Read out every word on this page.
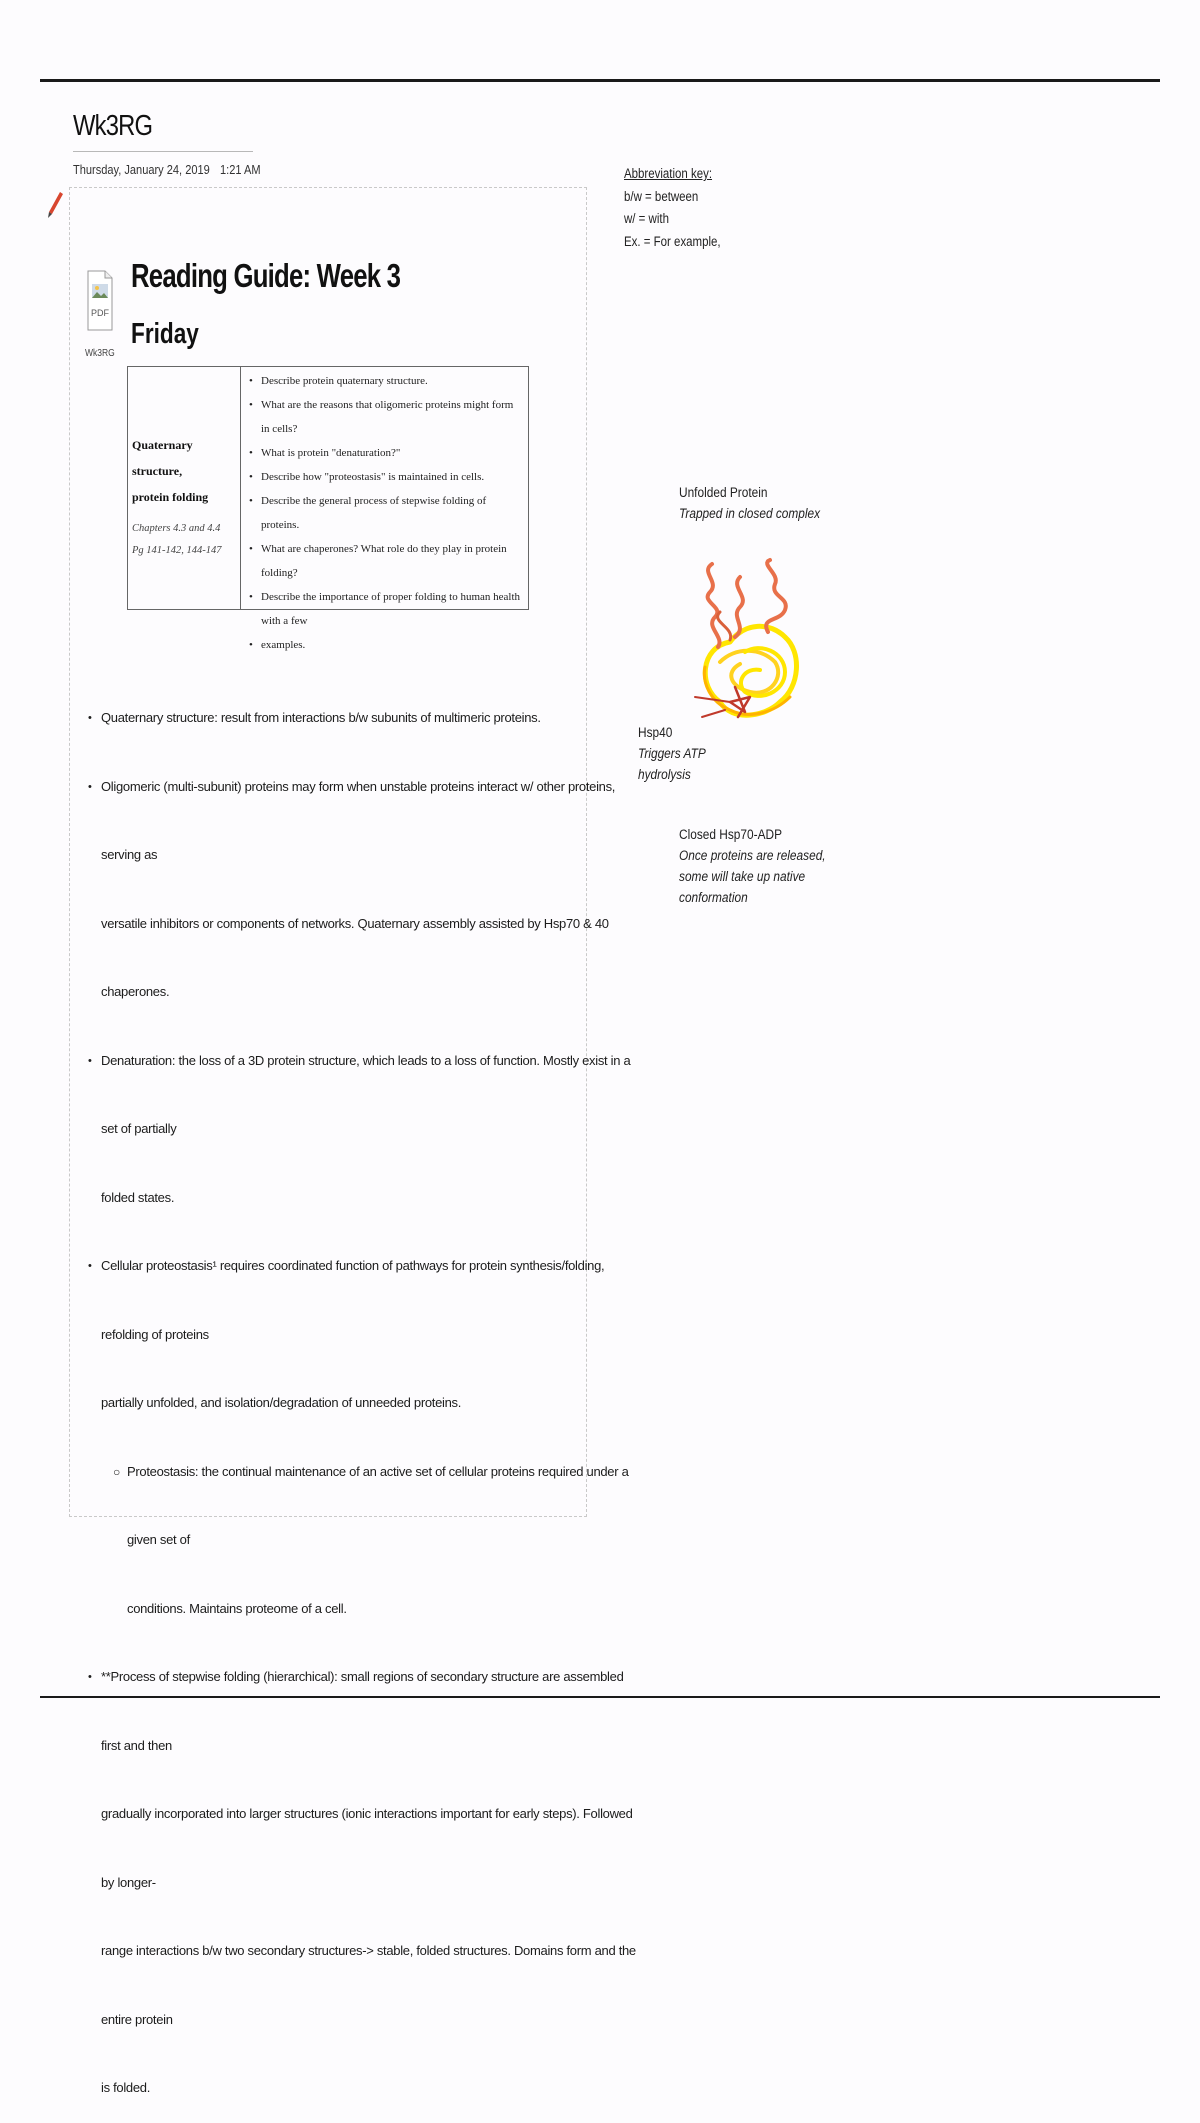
Wk3RG
Thursday, January 24, 2019 1:21 AM
PDF
Wk3RG
Reading Guide: Week 3
Friday
Quaternary structure,
protein folding
Chapters 4.3 and 4.4
Pg 141-142, 144-147
• Describe protein quaternary structure.
• What are the reasons that oligomeric proteins might form in cells?
• What is protein "denaturation?"
• Describe how "proteostasis" is maintained in cells.
• Describe the general process of stepwise folding of proteins.
• What are chaperones? What role do they play in protein folding?
• Describe the importance of proper folding to human health with a few
• examples.
• Quaternary structure: result from interactions b/w subunits of multimeric proteins.
• Oligomeric (multi-subunit) proteins may form when unstable proteins interact w/ other proteins, serving as
versatile inhibitors or components of networks. Quaternary assembly assisted by Hsp70 & 40 chaperones.
• Denaturation: the loss of a 3D protein structure, which leads to a loss of function. Mostly exist in a set of partially
folded states.
• Cellular proteostasis¹ requires coordinated function of pathways for protein synthesis/folding, refolding of proteins
partially unfolded, and isolation/degradation of unneeded proteins.
○ Proteostasis: the continual maintenance of an active set of cellular proteins required under a given set of
conditions. Maintains proteome of a cell.
• **Process of stepwise folding (hierarchical): small regions of secondary structure are assembled first and then
gradually incorporated into larger structures (ionic interactions important for early steps). Followed by longer-
range interactions b/w two secondary structures-> stable, folded structures. Domains form and the entire protein
is folded.
Abbreviation key:
b/w = between
w/ = with
Ex. = For example,
Unfolded Protein
Trapped in closed complex
Hsp40
Triggers ATP
hydrolysis
Closed Hsp70-ADP
Once proteins are released,
some will take up native
conformation
